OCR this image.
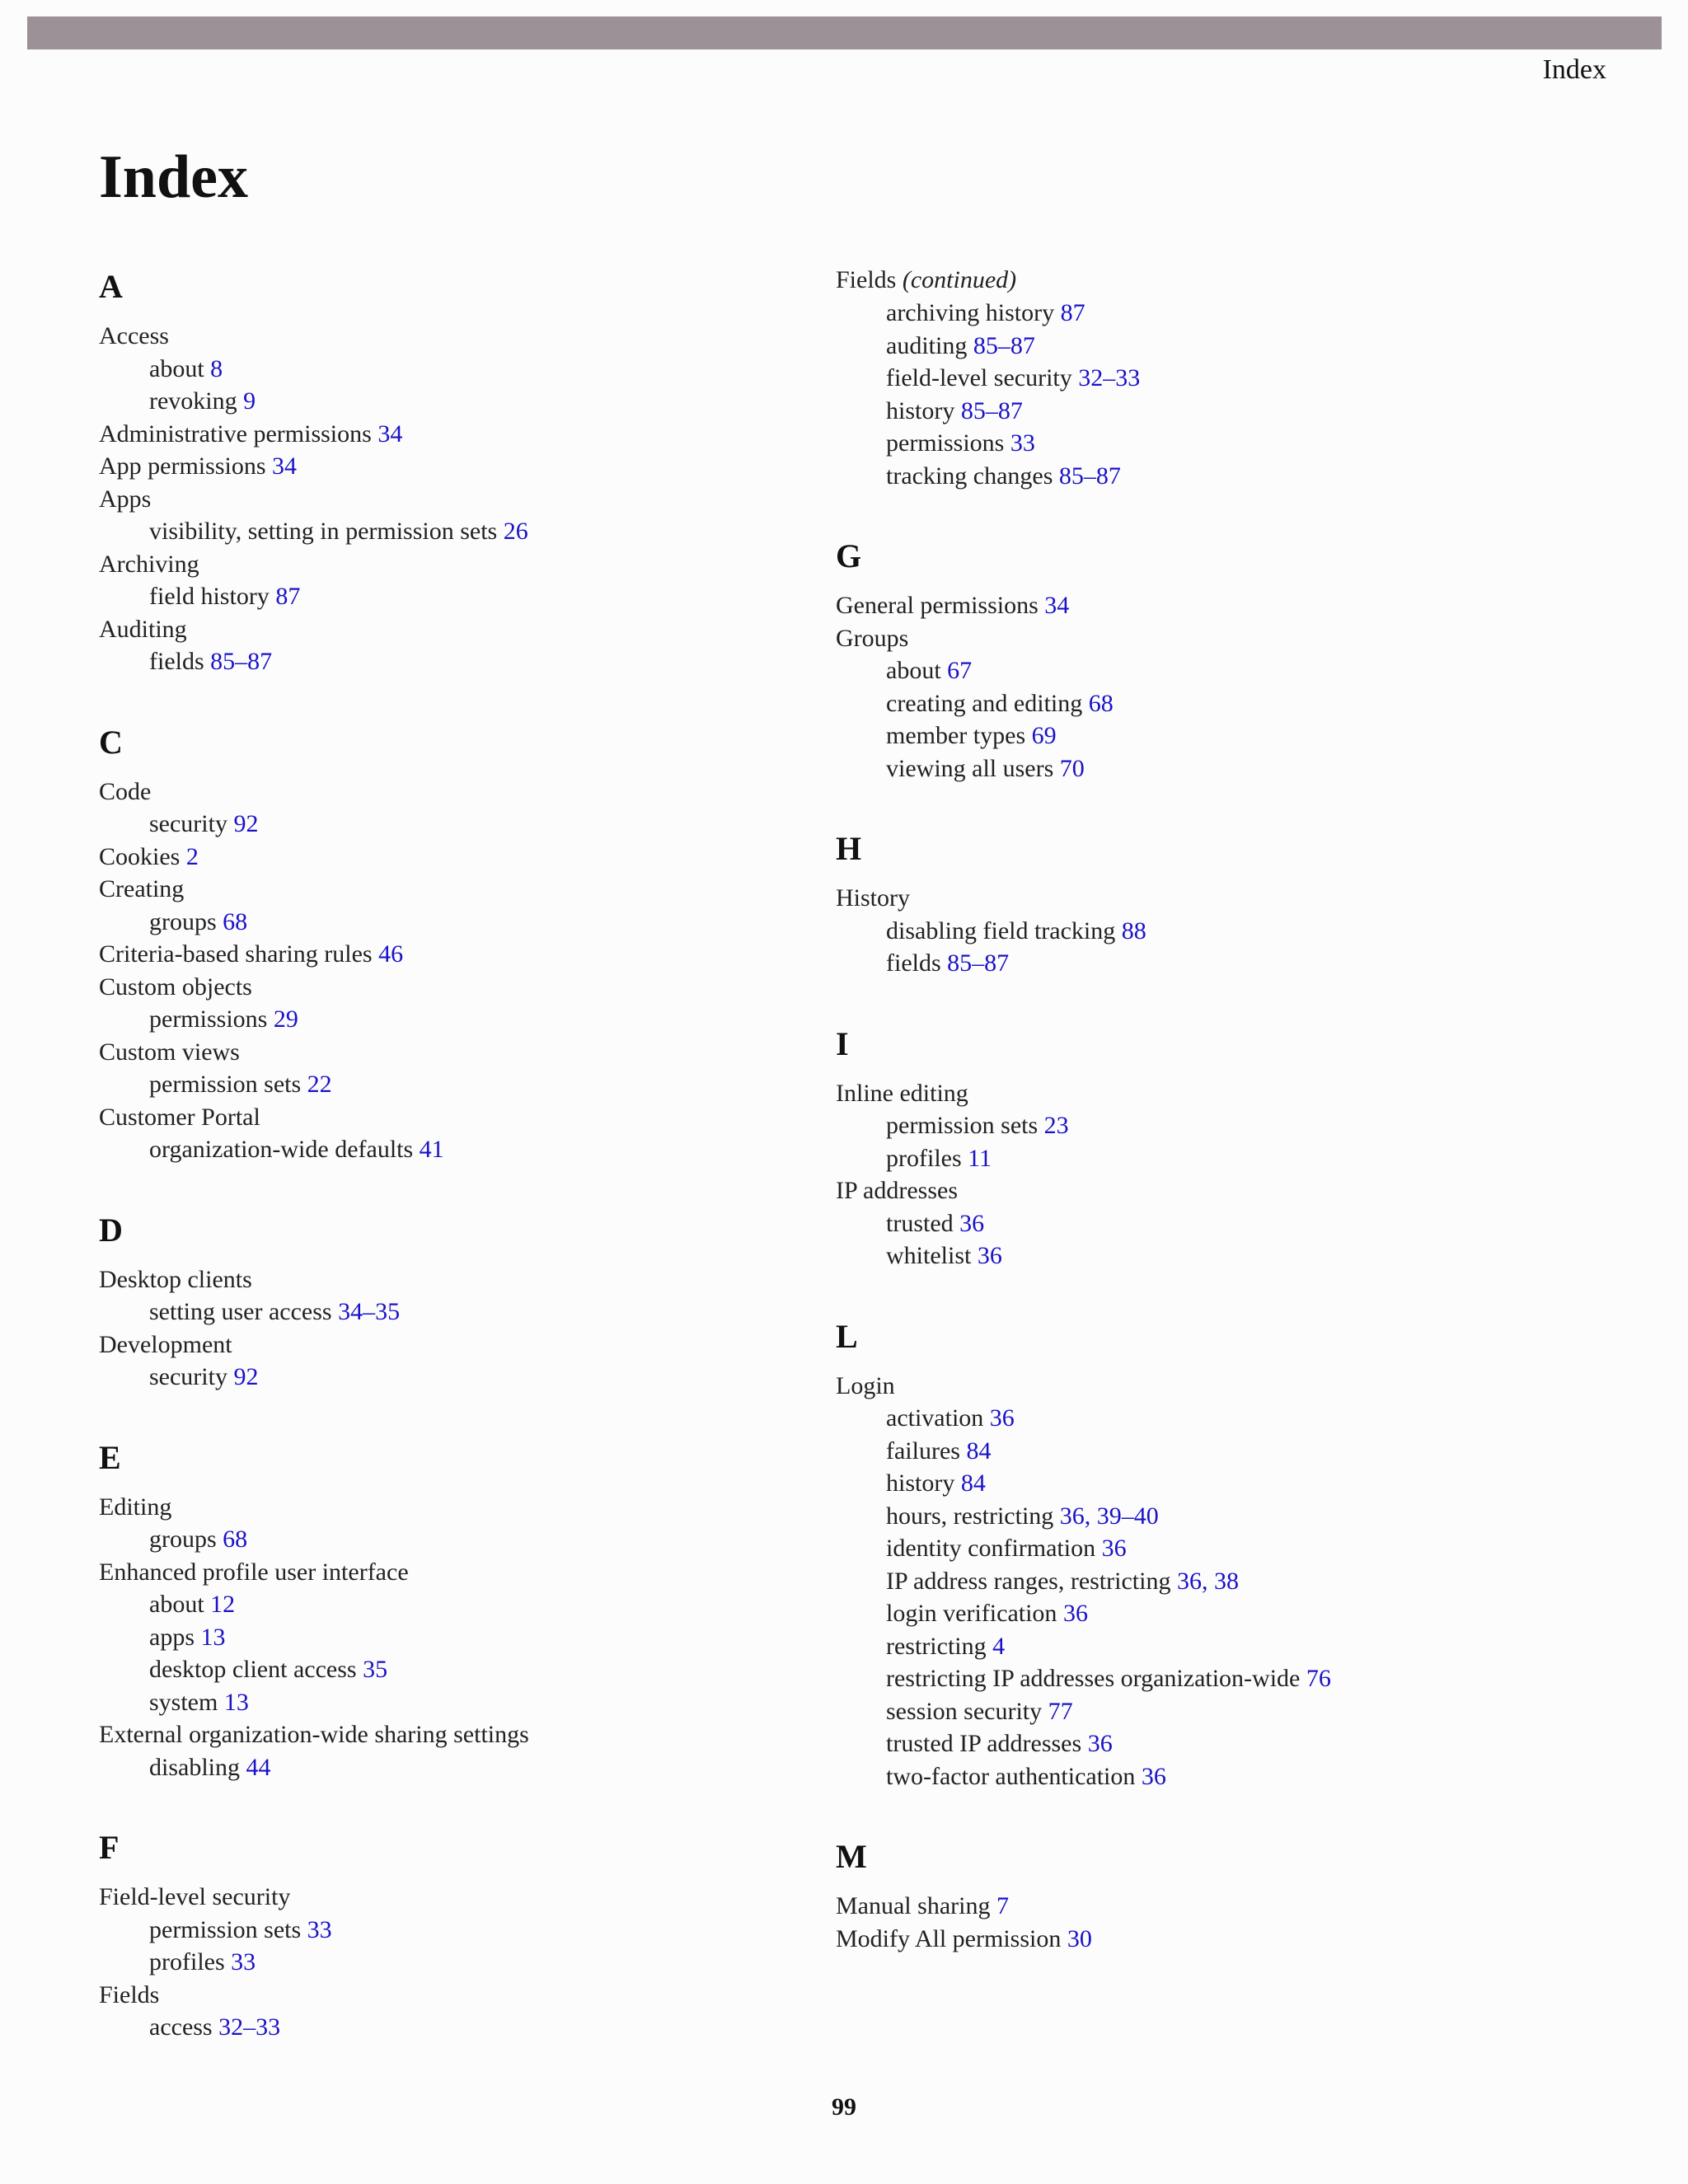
Index
Index
A
Access
about 8
revoking 9
Administrative permissions 34
App permissions 34
Apps
visibility, setting in permission sets 26
Archiving
field history 87
Auditing
fields 85–87
C
Code
security 92
Cookies 2
Creating
groups 68
Criteria-based sharing rules 46
Custom objects
permissions 29
Custom views
permission sets 22
Customer Portal
organization-wide defaults 41
D
Desktop clients
setting user access 34–35
Development
security 92
E
Editing
groups 68
Enhanced profile user interface
about 12
apps 13
desktop client access 35
system 13
External organization-wide sharing settings
disabling 44
F
Field-level security
permission sets 33
profiles 33
Fields
access 32–33
Fields (continued)
archiving history 87
auditing 85–87
field-level security 32–33
history 85–87
permissions 33
tracking changes 85–87
G
General permissions 34
Groups
about 67
creating and editing 68
member types 69
viewing all users 70
H
History
disabling field tracking 88
fields 85–87
I
Inline editing
permission sets 23
profiles 11
IP addresses
trusted 36
whitelist 36
L
Login
activation 36
failures 84
history 84
hours, restricting 36, 39–40
identity confirmation 36
IP address ranges, restricting 36, 38
login verification 36
restricting 4
restricting IP addresses organization-wide 76
session security 77
trusted IP addresses 36
two-factor authentication 36
M
Manual sharing 7
Modify All permission 30
99
